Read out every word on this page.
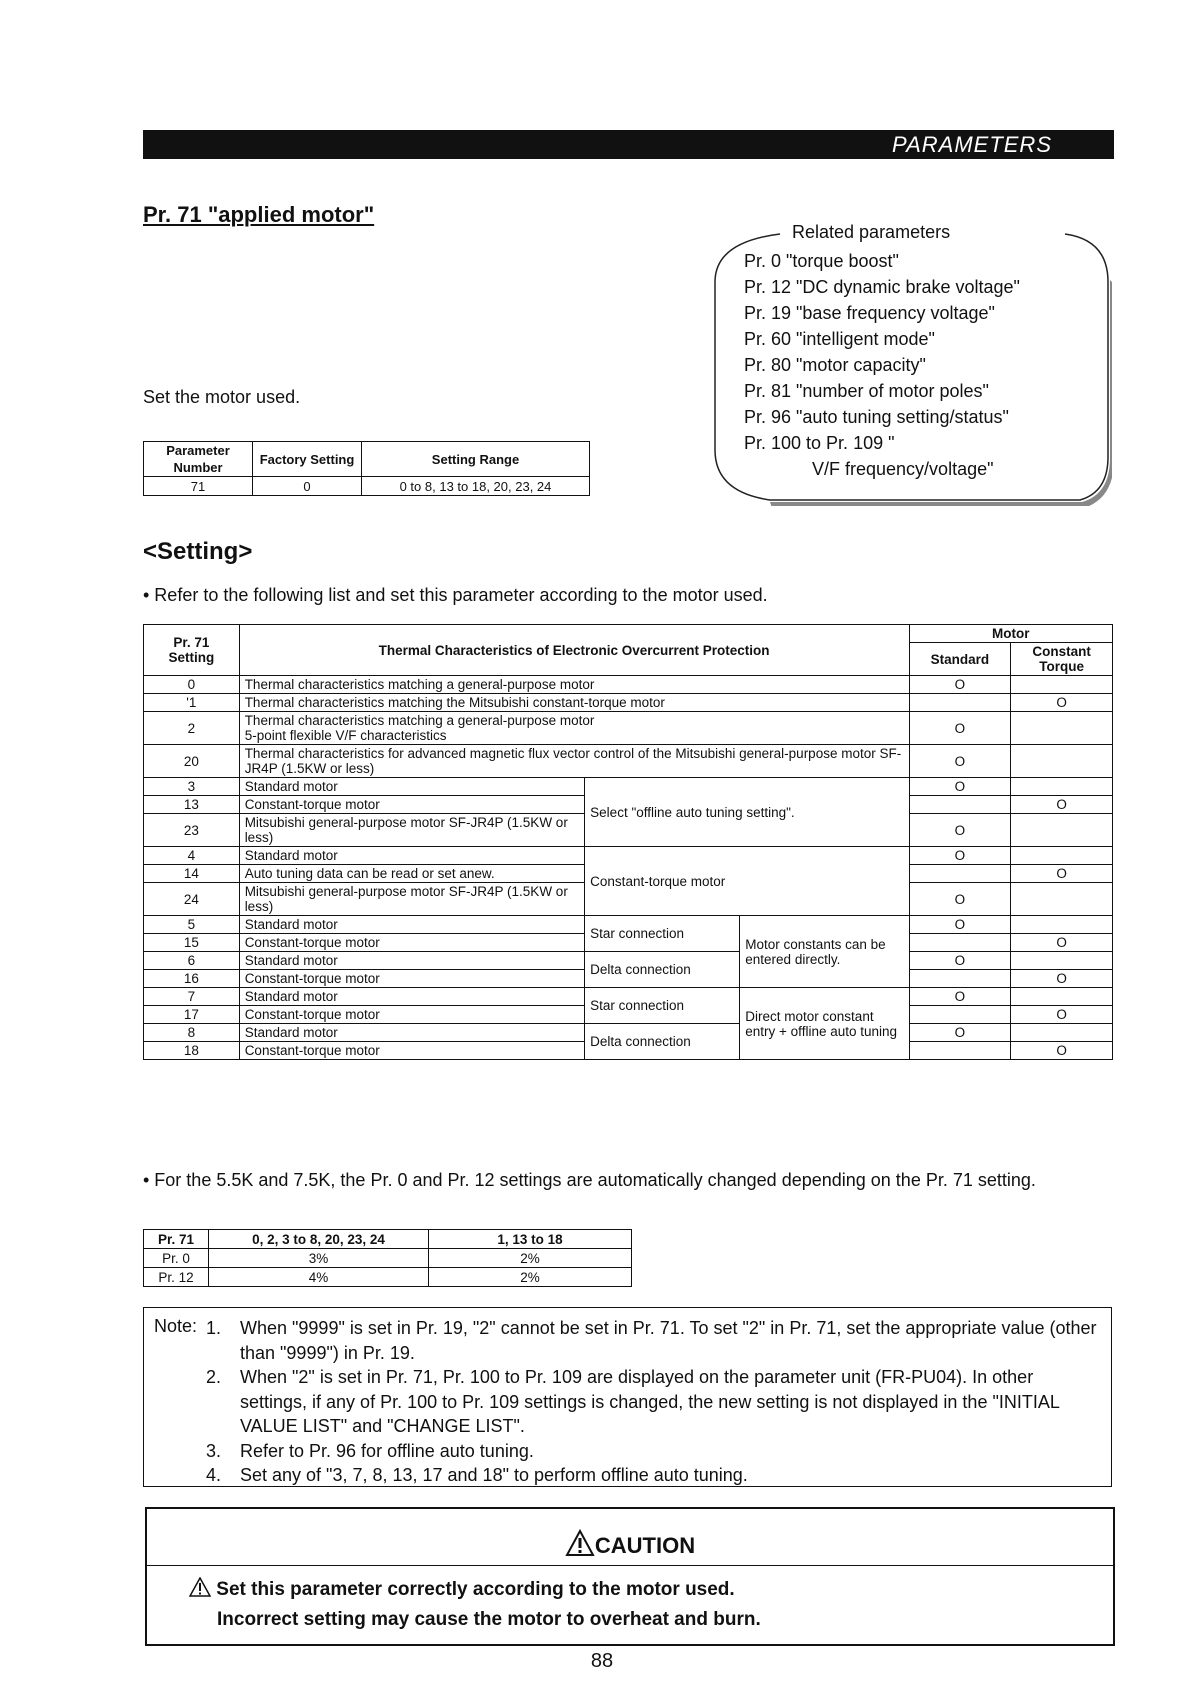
PARAMETERS
Pr. 71 "applied motor"
Set the motor used.
Parameter Number	Factory Setting	Setting Range
71	0	0 to 8, 13 to 18, 20, 23, 24
Related parameters
Pr. 0 "torque boost"
Pr. 12 "DC dynamic brake voltage"
Pr. 19 "base frequency voltage"
Pr. 60 "intelligent mode"
Pr. 80 "motor capacity"
Pr. 81 "number of motor poles"
Pr. 96 "auto tuning setting/status"
Pr. 100 to Pr. 109 "
V/F frequency/voltage"
<Setting>
• Refer to the following list and set this parameter according to the motor used.
Pr. 71 Setting	Thermal Characteristics of Electronic Overcurrent Protection			Motor	
				Standard	Constant Torque
0	Thermal characteristics matching a general-purpose motor			O	
'1	Thermal characteristics matching the Mitsubishi constant-torque motor				O
2	Thermal characteristics matching a general-purpose motor
5-point flexible V/F characteristics			O	
20	Thermal characteristics for advanced magnetic flux vector control of the Mitsubishi general-purpose motor SF-JR4P (1.5KW or less)			O	
3	Standard motor	Select "offline auto tuning setting".		O	
13	Constant-torque motor				O
23	Mitsubishi general-purpose motor SF-JR4P (1.5KW or less)			O	
4	Standard motor	Constant-torque motor		O	
14	Auto tuning data can be read or set anew.				O
24	Mitsubishi general-purpose motor SF-JR4P (1.5KW or less)			O	
5	Standard motor	Star connection	Motor constants can be entered directly.	O	
15	Constant-torque motor				O
6	Standard motor	Delta connection		O	
16	Constant-torque motor				O
7	Standard motor	Star connection	Direct motor constant entry + offline auto tuning	O	
17	Constant-torque motor				O
8	Standard motor	Delta connection		O	
18	Constant-torque motor				O
• For the 5.5K and 7.5K, the Pr. 0 and Pr. 12 settings are automatically changed depending on the Pr. 71 setting.
Pr. 71	0, 2, 3 to 8, 20, 23, 24	1, 13 to 18
Pr. 0	3%	2%
Pr. 12	4%	2%
Note: 1. When "9999" is set in Pr. 19, "2" cannot be set in Pr. 71. To set "2" in Pr. 71, set the appropriate value (other than "9999") in Pr. 19.
2. When "2" is set in Pr. 71, Pr. 100 to Pr. 109 are displayed on the parameter unit (FR-PU04). In other settings, if any of Pr. 100 to Pr. 109 settings is changed, the new setting is not displayed in the "INITIAL VALUE LIST" and "CHANGE LIST".
3. Refer to Pr. 96 for offline auto tuning.
4. Set any of "3, 7, 8, 13, 17 and 18" to perform offline auto tuning.
CAUTION
Set this parameter correctly according to the motor used.
Incorrect setting may cause the motor to overheat and burn.
88
